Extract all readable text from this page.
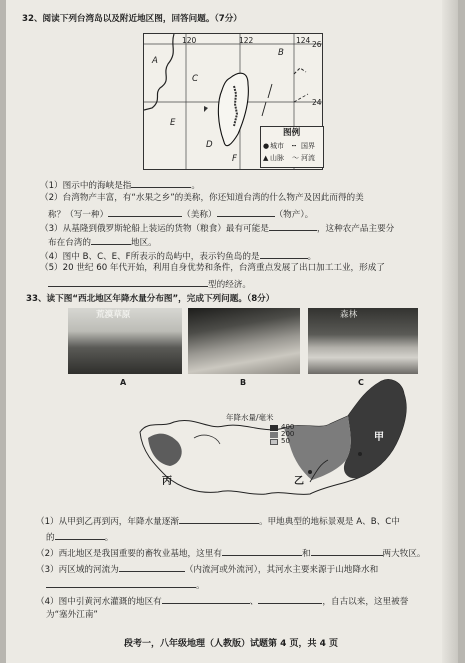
32、阅读下列台湾岛以及附近地区图，回答问题。（7分）
120	122	124 26
24
A
B
C
D
E
F
图例
● 城市 ┅ 国界
▲ 山脉 〜 河流
（1）图示中的海峡是指	。
（2）台湾物产丰富，有“水果之乡”的美称，你还知道台湾的什么物产及因此而得的美
称？（写一种）	（美称）	（物产）。
（3）从基隆到俄罗斯轮船上装运的货物（粮食）最有可能是	，这种农产品主要分
布在台湾的	地区。
（4）图中 B、C、E、F所表示的岛屿中，表示钓鱼岛的是	。
（5）20 世纪 60 年代开始，利用自身优势和条件，台湾重点发展了出口加工工业，形成了
型的经济。
33、读下图“西北地区年降水量分布图”，完成下列问题。（8分）
荒漠草原	森林
A	B	C
年降水量/毫米
400
200
50	甲
乙
丙
（1）从甲到乙再到丙，年降水量逐渐	。甲地典型的地标景观是 A、B、C中
的	。
（2）西北地区是我国重要的畜牧业基地，这里有	和	两大牧区。
（3）丙区域的河流为	（内流河或外流河），其河水主要来源于山地降水和
。
（4）图中引黄河水灌溉的地区有	、	，自古以来，这里被誉
为“塞外江南”
段考一，八年级地理（人教版）试题第 4 页，共 4 页
